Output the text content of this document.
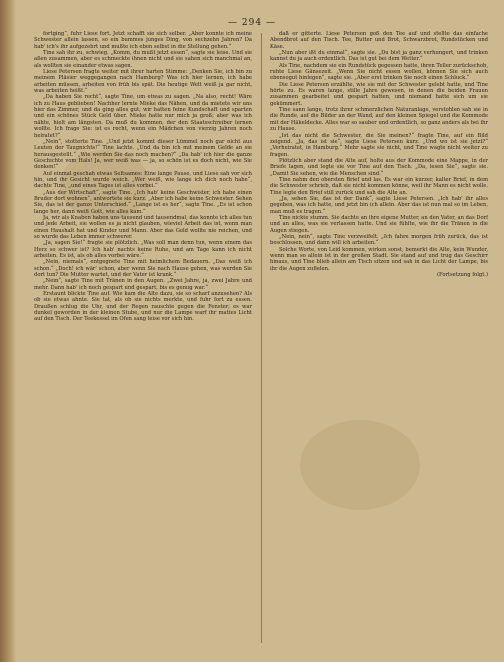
— 294 —

fortging“, fuhr Liese fort. Jetzt schafft sie sich selber. „Aber konnte ich meine Schwester allein lassen, so ein bummes junges Ding, von sechzehn Jahren? Da hab' ich's ihr aufgezehrt und mußte ich eben selbst in die Stellung gehen.“

Tine sah ihr zu, schwieg. „Komm, du mußt jetzt essen“, sagte sie leise. Und sie aßen zusammen, aber es schmeckte ihnen nicht und sie sahen sich manchmal an, als wollten sie einander etwas sagen.

Liese Petersen fragte weiter mit ihrer harten Stimme: „Denken Sie, ich bin zu meinem Pläsier weggegangen nach Hamburg? Was ich hier lernen, ich habe arbeiten müssen, arbeiten von früh bis spät. Die heutige Welt weiß ja gar nicht, was arbeiten heißt.“

„Da haben Sie recht“, sagte Tine, um etwas zu sagen. „Na also, recht! Wäre ich zu Haus geblieben! Nachher lernte Mieke das Nähen, und da mietete wir uns hier das Zimmer, und da ging alles gut; wir hatten feine Kundschaft und sparten und ein schönes Stück Geld über. Mieke hatte nur mich ja groß; aber was ich nähte, hielt am längsten. Da muß du kommen, der den Staatsschreiber lernen wollte. Ich frage Sie: ist es recht, wenn ein Mädchen von vierzig Jahren noch heiratet?“

„Nein“, stotterte Tine. „Und jetzt kommt dieser Lümmel noch gar nicht aus Leuten der Taugnichts!“ Tine lachte. „Und da bin ich mit meinem Gelde an sie herausgestellt.“ „Wie werden Sie das noch machen?“ „Da hab' ich hier die ganze Geschichte vom Hals! Ja, wer weiß was — ja, so schön ist es doch nicht, wie Sie denken!“

Auf einmal geschah etwas Seltsames: Eine lange Pause, und Liese sah vor sich hin, und ihr Gesicht wurde weich. „Wer weiß, wie lange ich dich noch habe“, dachte Tine, „und eines Tages ist alles vorbei.“

„Aus der Wirtschaft“, sagte Tine. „Ich hab' keine Geschwister, ich habe einen Bruder dort wohnen“, antwortete sie kurz. „Aber ich habe keine Schwester. Sehen Sie, das ist der ganze Unterschied.“ „Lange ist es her“, sagte Tine. „Es ist schon lange her, dann weiß Gott, wie alles kam.“

Ja, wir als Knaben haben uns tausend und tausendmal, das konnte ich alles tun und jede Arbeit, sie wollen es ja nicht glauben, wieviel Arbeit das ist, wenn man einen Haushalt hat und Kinder und Mann. Aber das Geld wollte nie reichen, und so wurde das Leben immer schwerer.

„Ja, sagen Sie!“ fragte sie plötzlich. „Was soll man denn tun, wenn einem das Herz so schwer ist? Ich hab' nachts keine Ruhe, und am Tage kann ich nicht arbeiten. Es ist, als ob alles vorbei wäre.“

„Nein, niemals“, entgegnete Tine mit heimlichem Bedauern. „Das weiß ich schon.“ „Doch! ich wär' schon, aber wenn Sie nach Hause gehen, was werden Sie dort tun? Die Mutter wartet, und der Vater ist krank.“

„Nein“, sagte Tine mit Tränen in den Augen. „Zwei Jahre, ja, zwei Jahre und mehr. Dann hab' ich noch gespart und gespart, bis es genug war.“

Erstaunt blickte Tine auf. Wie kam die Alte dazu, sie so scharf anzusehen? Als ob sie etwas ahnte. Sie tat, als ob sie nichts merkte, und fuhr fort zu essen. Draußen schlug die Uhr, und der Regen rauschte gegen die Fenster; es war dunkel geworden in der kleinen Stube, und nur die Lampe warf ihr mattes Licht auf den Tisch. Der Teekessel im Ofen sang leise vor sich hin.

daß er gitterte. Liese Petersen goß den Tee auf und stellte das einfache Abendbrot auf den Tisch. Tee, Butter und Brot, Schwarzbrot, Rundstücken und Käse.

„Nun aber ißt du einmal“, sagte sie. „Du bist ja ganz verhungert, und trinken kannst du ja auch ordentlich. Das ist gut bei dem Wetter.“

Als Tine, nachdem sie ein Rundstück gegessen hatte, ihren Teller zurückschob, ruhte Liese Gänsezeit. „Wenn Sie nicht essen wollen, können Sie sich auch ebensogut hinlegen“, sagte sie. „Aber erst trinken Sie noch einen Schluck.“

Die Liese Petersen erzählte, wie sie mit der Schwester gelebt hatte, und Tine hörte zu. Es waren lange, stille Jahre gewesen, in denen die beiden Frauen zusammen gearbeitet und gespart hatten, und niemand hatte sich um sie gekümmert.

Tine sann lange, trotz ihrer schmerzlichen Naturanlage, verstohlen sah sie in die Runde, auf die Bilder an der Wand, auf den kleinen Spiegel und die Kommode mit der Häkeldecke. Alles war so sauber und ordentlich, so ganz anders als bei ihr zu Hause.

„Ist das nicht die Schwester, die Sie meinen?“ fragte Tine, auf ein Bild zeigend. „Ja, das ist sie“, sagte Liese Petersen kurz. „Und wo ist sie jetzt?“ „Verheiratet, in Hamburg.“ Mehr sagte sie nicht, und Tine wagte nicht weiter zu fragen.

Plötzlich aber stand die Alte auf, holte aus der Kommode eine Mappe, in der Briefe lagen, und legte sie vor Tine auf den Tisch. „Da, lesen Sie“, sagte sie. „Damit Sie sehen, wie die Menschen sind.“

Tine nahm den obersten Brief und las. Es war ein kurzer, kalter Brief, in dem die Schwester schrieb, daß sie nicht kommen könne, weil ihr Mann es nicht wolle. Tine legte den Brief still zurück und sah die Alte an.

„Ja, sehen Sie, das ist der Dank“, sagte Liese Petersen. „Ich hab' ihr alles gegeben, was ich hatte, und jetzt bin ich allein. Aber das ist nun mal so im Leben, man muß es tragen.“

Tine nickte stumm. Sie dachte an ihre eigene Mutter, an den Vater, an das Dorf und an alles, was sie verlassen hatte. Und sie fühlte, wie ihr die Tränen in die Augen stiegen.

„Nein, nein“, sagte Tine verzweifelt. „Ich fahre morgen früh zurück, das ist beschlossen, und dann will ich arbeiten.“

Solche Worte, von Leid kommen, wirken sonst, bemerkt die Alte, kein Wunder, wenn man so allein ist in der großen Stadt. Sie stand auf und trug das Geschirr hinaus, und Tine blieb allein am Tisch sitzen und sah in das Licht der Lampe, bis ihr die Augen zufielen.

(Fortsetzung folgt.)
